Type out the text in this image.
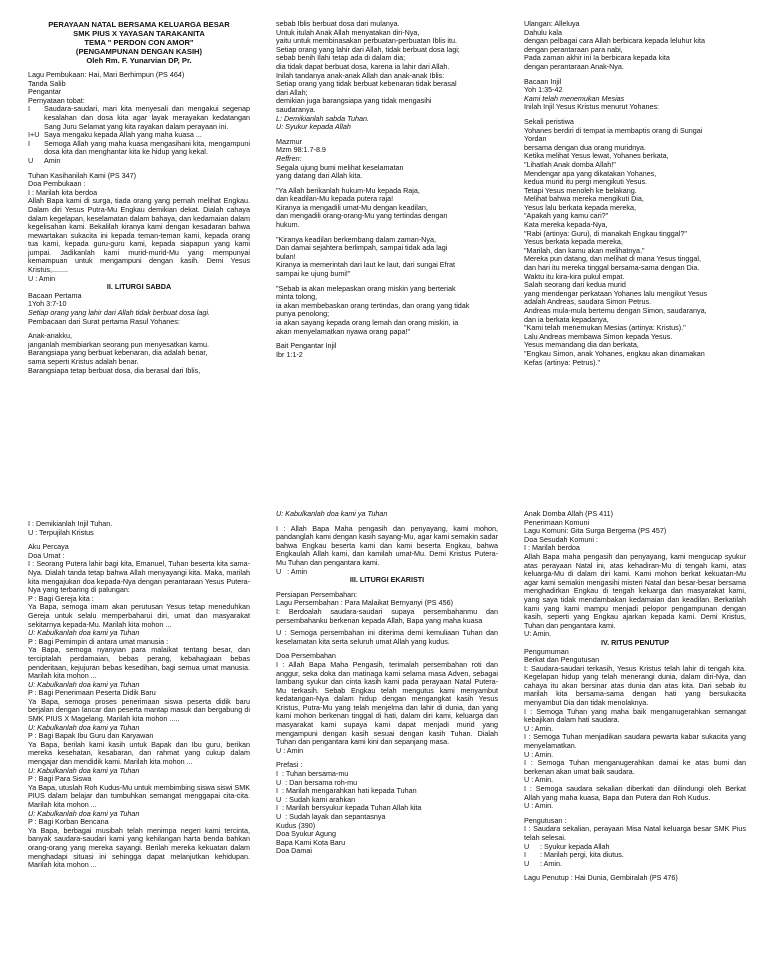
PERAYAAN NATAL BERSAMA KELUARGA BESAR

SMK PIUS X YAYASAN TARAKANITA

TEMA " PERDON CON AMOR"

(PENGAMPUNAN DENGAN KASIH)

Oleh Rm. F. Yunarvian DP, Pr.

Lagu Pembukaan: Hai, Mari Berhimpun (PS 464)

Tanda Salib

Pengantar

Pernyataan tobat:

I	Saudara-saudari, mari kita menyesali dan mengakui segenap kesalahan dan dosa kita agar layak merayakan kedatangan Sang Juru Selamat yang kita rayakan dalam perayaan ini.
I+U Saya mengaku kepada Allah yang maha kuasa ...
I	Semoga Allah yang maha kuasa mengasihani kita, mengampuni dosa kita dan menghantar kita ke hidup yang kekal.
U	Amin

Tuhan Kasihanilah Kami (PS 347)

Doa Pembukaan :

I : Marilah kita berdoa

Allah Bapa kami di surga, tiada orang yang pernah melihat Engkau. Dalam diri Yesus Putra-Mu Engkau demikian dekat. Dialah cahaya dalam kegelapan, keselamatan dalam bahaya, dan kedamaian dalam kegelisahan kami. Bekalilah kiranya kami dengan kesadaran bahwa mewartakan sukacita ini kepada teman-teman kami, kepada orang tua kami, kepada guru-guru kami, kepada siapapun yang kami jumpai. Jadikanlah kami murid-murid-Mu yang mempunyai kemampuan untuk mengampuni dengan kasih. Demi Yesus Kristus,........

U : Amin

II. LITURGI SABDA

Bacaan Pertama

1Yoh 3:7-10

Setiap orang yang lahir dari Allah tidak berbuat dosa lagi.

Pembacaan dari Surat pertama Rasul Yohanes:

Anak-anakku,

janganlah membiarkan seorang pun menyesatkan kamu.

Barangsiapa yang berbuat kebenaran, dia adalah benar,

sama seperti Kristus adalah benar.

Barangsiapa tetap berbuat dosa, dia berasal dari Iblis,

sebab Iblis berbuat dosa dari mulanya.

Untuk itulah Anak Allah menyatakan diri-Nya,

yaitu untuk membinasakan perbuatan-perbuatan Iblis itu.

Setiap orang yang lahir dari Allah, tidak berbuat dosa lagi;

sebab benih Ilahi tetap ada di dalam dia;

dia tidak dapat berbuat dosa, karena ia lahir dari Allah.

Inilah tandanya anak-anak Allah dan anak-anak Iblis:

Setiap orang yang tidak berbuat kebenaran tidak berasal

dari Allah;

demikian juga barangsiapa yang tidak mengasihi

saudaranya.

L: Demikianlah sabda Tuhan.

U: Syukur kepada Allah

Mazmur

Mzm 98:1.7-8.9

Reffren:

Segala ujung bumi melihat keselamatan

yang datang dari Allah kita.

"Ya Allah berikanlah hukum-Mu kepada Raja,

dan keadilan-Mu kepada putera raja!

Kiranya ia mengadili umat-Mu dengan keadilan,

dan mengadili orang-orang-Mu yang tertindas dengan

hukum.

"Kiranya keadilan berkembang dalam zaman-Nya,

Dan damai sejahtera berlimpah, sampai tidak ada lagi

bulan!

Kiranya ia memerintah dari laut ke laut, dari sungai Efrat

sampai ke ujung bumi!"

"Sebab ia akan melepaskan orang miskin yang berteriak

minta tolong,

ia akan membebaskan orang tertindas, dan orang yang tidak

punya penolong;

ia akan sayang kepada orang lemah dan orang miskin, ia

akan menyelamatkan nyawa orang papa!"

Bait Pengantar Injil

Ibr 1:1-2

Ulangan: Alleluya

Dahulu kala

dengan pelbagai cara Allah berbicara kepada leluhur kita

dengan perantaraan para nabi,

Pada zaman akhir ini Ia berbicara kepada kita

dengan perantaraan Anak-Nya.

Bacaan Injil

Yoh 1:35-42

Kami telah menemukan Mesias

Inilah Injil Yesus Kristus menurut Yohanes:

Sekali peristiwa

Yohanes berdiri di tempat ia membaptis orang di Sungai

Yordan

bersama dengan dua orang muridnya.

Ketika melihat Yesus lewat, Yohanes berkata,

"Lihatlah Anak domba Allah!"

Mendengar apa yang dikatakan Yohanes,

kedua murid itu pergi mengikuti Yesus.

Tetapi Yesus menoleh ke belakang.

Melihat bahwa mereka mengikuti Dia,

Yesus lalu berkata kepada mereka,

"Apakah yang kamu cari?"

Kata mereka kepada-Nya,

"Rabi (artinya: Guru), di manakah Engkau tinggal?"

Yesus berkata kepada mereka,

"Marilah, dan kamu akan melihatnya."

Mereka pun datang, dan melihat di mana Yesus tinggal,

dan hari itu mereka tinggal bersama-sama dengan Dia.

Waktu itu kira-kira pukul empat.

Salah seorang dari kedua murid

yang mendengar perkataan Yohanes lalu mengikut Yesus

adalah Andreas, saudara Simon Petrus.

Andreas mula-mula bertemu dengan Simon, saudaranya,

dan ia berkata kepadanya,

"Kami telah menemukan Mesias (artinya: Kristus)."

Lalu Andreas membawa Simon kepada Yesus.

Yesus memandang dia dan berkata,

"Engkau Simon, anak Yohanes, engkau akan dinamakan

Kefas (artinya: Petrus)."

I : Demikianlah Injil Tuhan.

U : Terpujilah Kristus

Aku Percaya

Doa Umat :

I : Seorang Putera lahir bagi kita, Emanuel, Tuhan beserta kita sama-Nya. Dialah tanda tetap bahwa Allah menyayangi kita. Maka, marilah kita mengajukan doa kepada-Nya dengan perantaraan Yesus Putera-Nya yang terbaring di palungan:

P : Bagi Gereja kita :

Ya Bapa, semoga imam akan perutusan Yesus tetap meneduhkan Gereja untuk selalu memperbaharui diri, umat dan masyarakat sekitarnya kepada-Mu. Marilah kita mohon ...

U: Kabulkanlah doa kami ya Tuhan

P : Bagi Pemimpin di antara umat manusia :

Ya Bapa, semoga nyanyian para malaikat tentang besar, dan terciptalah perdamaian, bebas perang, kebahagiaan bebas penderitaan, kejujuran bebas kesedihan, bagi semua umat manusia. Marilah kita mohon ...

U: Kabulkanlah doa kami ya Tuhan

P : Bagi Penerimaan Peserta Didik Baru

Ya Bapa, semoga proses penerimaan siswa peserta didik baru berjalan dengan lancar dan peserta mantap masuk dan bergabung di SMK PIUS X Magelang. Marilah kita mohon .....

U: Kabulkanlah doa kami ya Tuhan

P : Bagi Bapak Ibu Guru dan Karyawan

Ya Bapa, berilah kami kasih untuk Bapak dan Ibu guru, berikan mereka kesehatan, kesabaran, dan rahmat yang cukup dalam mengajar dan mendidik kami. Marilah kita mohon ...

U: Kabulkanlah doa kami ya Tuhan

P : Bagi Para Siswa

Ya Bapa, utuslah Roh Kudus-Mu untuk membimbing siswa siswi SMK PIUS dalam belajar dan tumbuhkan semangat menggapai cita-cita. Marilah kita mohon ...

U: Kabulkanlah doa kami ya Tuhan

P : Bagi Korban Bencana

Ya Bapa, berbagai musibah telah menimpa negeri kami tercinta, banyak saudara-saudari kami yang kehilangan harta benda bahkan orang-orang yang mereka sayangi. Berilah mereka kekuatan dalam menghadapi situasi ini sehingga dapat melanjutkan kehidupan. Marilah kita mohon ...

U: Kabulkanlah doa kami ya Tuhan

I : Allah Bapa Maha pengasih dan penyayang, kami mohon, pandanglah kami dengan kasih sayang-Mu, agar kami semakin sadar bahwa Engkau beserta kami dan kami beserta Engkau, bahwa Engkaulah Allah kami, dan kamilah umat-Mu. Demi Kristus Putera-Mu Tuhan dan pengantara kami.

U   : Amin

III. LITURGI EKARISTI

Persiapan Persembahan:

Lagu Persembahan : Para Malaikat Bernyanyi (PS 456)

I: Berdoalah saudara-saudari supaya persembahanmu dan persembahanku berkenan kepada Allah, Bapa yang maha kuasa

U : Semoga persembahan ini diterima demi kemuliaan Tuhan dan keselamatan kita serta seluruh umat Allah yang kudus.

Doa Persembahan

I : Allah Bapa Maha Pengasih, terimalah persembahan roti dan anggur, seka doka dan matinaga kami selama masa Adven, sebagai lambang syukur dan cinta kasih kami pada perayaan Natal Putera-Mu terkasih. Sebab Engkau telah mengutus kami menyambut kedatangan-Nya dalam hidup dengan mengangkat kasih Yesus Kristus, Putra-Mu yang telah menjelma dan lahir di dunia, dan yang kami mohon berkenan tinggal di hati, dalam diri kami, keluarga dan masyarakat kami supaya kami dapat menjadi murid yang mengampuni dengan kasih sesuai dengan kasih Tuhan. Dialah Tuhan dan pengantara kami kini dan sepanjang masa.

U : Amin

Prefasi :

I  : Tuhan bersama-mu

U  : Dan bersama roh-mu

I  : Marilah mengarahkan hati kepada Tuhan

U  : Sudah kami arahkan

I  : Marilah bersyukur kepada Tuhan Allah kita

U  : Sudah layak dan sepantasnya

Kudus (390)

Doa Syukur Agung

Bapa Kami Kota Baru

Doa Damai

Anak Domba Allah (PS 411)

Penerimaan Komuni

Lagu Komuni: Gita Surga Bergema (PS 457)

Doa Sesudah Komuni :

I : Marilah berdoa

Allah Bapa maha pengasih dan penyayang, kami mengucap syukur atas perayaan Natal ini, atas kehadiran-Mu di tengah kami, atas keluarga-Mu di dalam diri kami. Kami mohon berkat kekuatan-Mu agar kami semakin mengasihi misteri Natal dan besar-besar bersama menghadirkan Engkau di tengah keluarga dan masyarakat kami, yang saya tidak mendambakan kedamaian dan keadilan. Berkatilah kami yang kami mampu menjadi pelopor pengampunan dengan kasih, seperti yang Engkau ajarkan kepada kami. Demi Kristus, Tuhan dan pengantara kami.

U: Amin.

IV. RITUS PENUTUP

Pengumuman

Berkat dan Pengutusan

I: Saudara-saudari terkasih, Yesus Kristus telah lahir di tengah kita. Kegelapan hidup yang telah menerangi dunia, dalam diri-Nya, dan cahaya itu akan bersinar atas dunia dan atas kita. Dari sebab itu marilah kita bersama-sama dengan hati yang bersukacita menyambut Dia dan tidak menolaknya.

I : Semoga Tuhan yang maha baik menganugerahkan semangat kebajikan dalam hati saudara.

U : Amin.

I : Semoga Tuhan menjadikan saudara pewarta kabar sukacita yang menyelamatkan.

U : Amin.

I : Semoga Tuhan menganugerahkan damai ke atas bumi dan berkenan akan umat baik saudara.

U : Amin.

I : Semoga saudara sekalian diberkati dan dilindungi oleh Berkat Allah yang maha kuasa, Bapa dan Putera dan Roh Kudus.

U : Amin.

Pengutusan :

I : Saudara sekalian, perayaan Misa Natal keluarga besar SMK Pius telah selesai.

U	: Syukur kepada Allah
I	: Marilah pergi, kita diutus.
U	: Amin.

Lagu Penutup : Hai Dunia, Gembiralah (PS 476)
